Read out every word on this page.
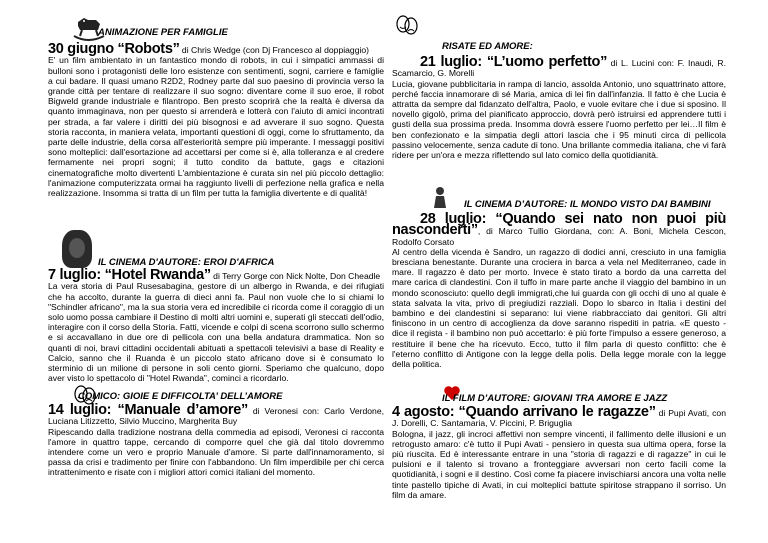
ANIMAZIONE PER FAMIGLIE

30 giugno “Robots” di Chris Wedge (con Dj Francesco al doppiaggio)

E' un film ambientato in un fantastico mondo di robots, in cui i simpatici ammassi di bulloni sono i protagonisti delle loro esistenze con sentimenti, sogni, carriere e famiglie a cui badare. Il quasi umano R2D2, Rodney parte dal suo paesino di provincia verso la grande città per tentare di realizzare il suo sogno: diventare come il suo eroe, il robot Bigweld grande industriale e filantropo. Ben presto scoprirà che la realtà è diversa da quanto immaginava, non per questo si arrenderà e lotterà con l'aiuto di amici incontrati per strada, a far valere i diritti dei più bisognosi e ad avverare il suo sogno. Questa storia racconta, in maniera velata, importanti questioni di oggi, come lo sfruttamento, da parte delle industrie, della corsa all'esteriorità sempre più imperante. I messaggi positivi sono molteplici: dall'esortazione ad accettarsi per come si è, alla tolleranza e al credere fermamente nei propri sogni; il tutto condito da battute, gags e citazioni cinematografiche molto divertenti L'ambientazione è curata sin nel più piccolo dettaglio: l'animazione computerizzata ormai ha raggiunto livelli di perfezione nella grafica e nella realizzazione. Insomma si tratta di un film per tutta la famiglia divertente e di qualità!

IL CINEMA D'AUTORE: EROI D'AFRICA

7 luglio: “Hotel Rwanda” di Terry Gorge con Nick Nolte, Don Cheadle

La vera storia di Paul Rusesabagina, gestore di un albergo in Rwanda, e dei rifugiati che ha accolto, durante la guerra di dieci anni fa. Paul non vuole che lo si chiami lo "Schindler africano", ma la sua storia vera ed incredibile ci ricorda come il coraggio di un solo uomo possa cambiare il Destino di molti altri uomini e, superati gli steccati dell'odio, interagire con il corso della Storia. Fatti, vicende e colpi di scena scorrono sullo schermo e si accavallano in due ore di pellicola con una bella andatura drammatica. Non so quanti di noi, bravi cittadini occidentali abituati a spettacoli televisivi a base di Reality e Calcio, sanno che il Ruanda è un piccolo stato africano dove si è consumato lo sterminio di un milione di persone in soli cento giorni. Speriamo che qualcuno, dopo aver visto lo spettacolo di "Hotel Rwanda", cominci a ricordarlo.

COMICO: GIOIE E DIFFICOLTA’ DELL’AMORE

14 luglio: “Manuale d’amore” di Veronesi con: Carlo Verdone, Luciana Litizzetto, Silvio Muccino, Margherita Buy

Ripescando dalla tradizione nostrana della commedia ad episodi, Veronesi ci racconta l'amore in quattro tappe, cercando di comporre quel che già dal titolo dovremmo intendere come un vero e proprio Manuale d'amore. Si parte dall'innamoramento, si passa da crisi e tradimento per finire con l'abbandono. Un film imperdibile per chi cerca intrattenimento e risate con i migliori attori comici italiani del momento.

RISATE ED AMORE:

21 luglio: “L’uomo perfetto” di L. Lucini con: F. Inaudi, R. Scamarcio, G. Morelli

Lucia, giovane pubblicitaria in rampa di lancio, assolda Antonio, uno squattrinato attore, perché faccia innamorare di sé Maria, amica di lei fin dall'infanzia. Il fatto è che Lucia è attratta da sempre dal fidanzato dell'altra, Paolo, e vuole evitare che i due si sposino. Il novello gigolò, prima del pianificato approccio, dovrà però istruirsi ed apprendere tutti i gusti della sua prossima preda. Insomma dovrà essere l'uomo perfetto per lei…Il film è ben confezionato e la simpatia degli attori lascia che i 95 minuti circa di pellicola passino velocemente, senza cadute di tono. Una brillante commedia italiana, che vi farà ridere per un'ora e mezza riflettendo sul lato comico della quotidianità.

IL CINEMA D’AUTORE: IL MONDO VISTO DAI BAMBINI

28 luglio: “Quando sei nato non puoi più nasconderti”, di Marco Tullio Giordana, con: A. Boni, Michela Cescon, Rodolfo Corsato

Al centro della vicenda è Sandro, un ragazzo di dodici anni, cresciuto in una famiglia bresciana benestante. Durante una crociera in barca a vela nel Mediterraneo, cade in mare. Il ragazzo è dato per morto. Invece è stato tirato a bordo da una carretta del mare carica di clandestini. Con il tuffo in mare parte anche il viaggio del bambino in un mondo sconosciuto: quello degli immigrati,che lui guarda con gli occhi di uno al quale è stata salvata la vita, privo di pregiudizi razziali. Dopo lo sbarco in Italia i destini del bambino e dei clandestini si separano: lui viene riabbracciato dai genitori. Gli altri finiscono in un centro di accoglienza da dove saranno rispediti in patria. «E questo - dice il regista - il bambino non può accettarlo: è più forte l'impulso a essere generoso, a restituire il bene che ha ricevuto. Ecco, tutto il film parla di questo conflitto: che è l'eterno conflitto di Antigone con la legge della polis. Della legge morale con la legge della politica.

IL FILM D’AUTORE: GIOVANI TRA AMORE E JAZZ

4 agosto: “Quando arrivano le ragazze” di Pupi Avati, con J. Dorelli, C. Santamaria, V. Piccini, P. Briguglia

Bologna, il jazz, gli incroci affettivi non sempre vincenti, il fallimento delle illusioni e un retrogusto amaro: c'è tutto il Pupi Avati - pensiero in questa sua ultima opera, forse la più riuscita. Ed è interessante entrare in una "storia di ragazzi e di ragazze" in cui le pulsioni e il talento si trovano a fronteggiare avversari non certo facili come la quotidianità, i sogni e il destino. Così come fa piacere invischiarsi ancora una volta nelle tinte pastello tipiche di Avati, in cui molteplici battute spiritose strappano il sorriso. Un film da amare.
